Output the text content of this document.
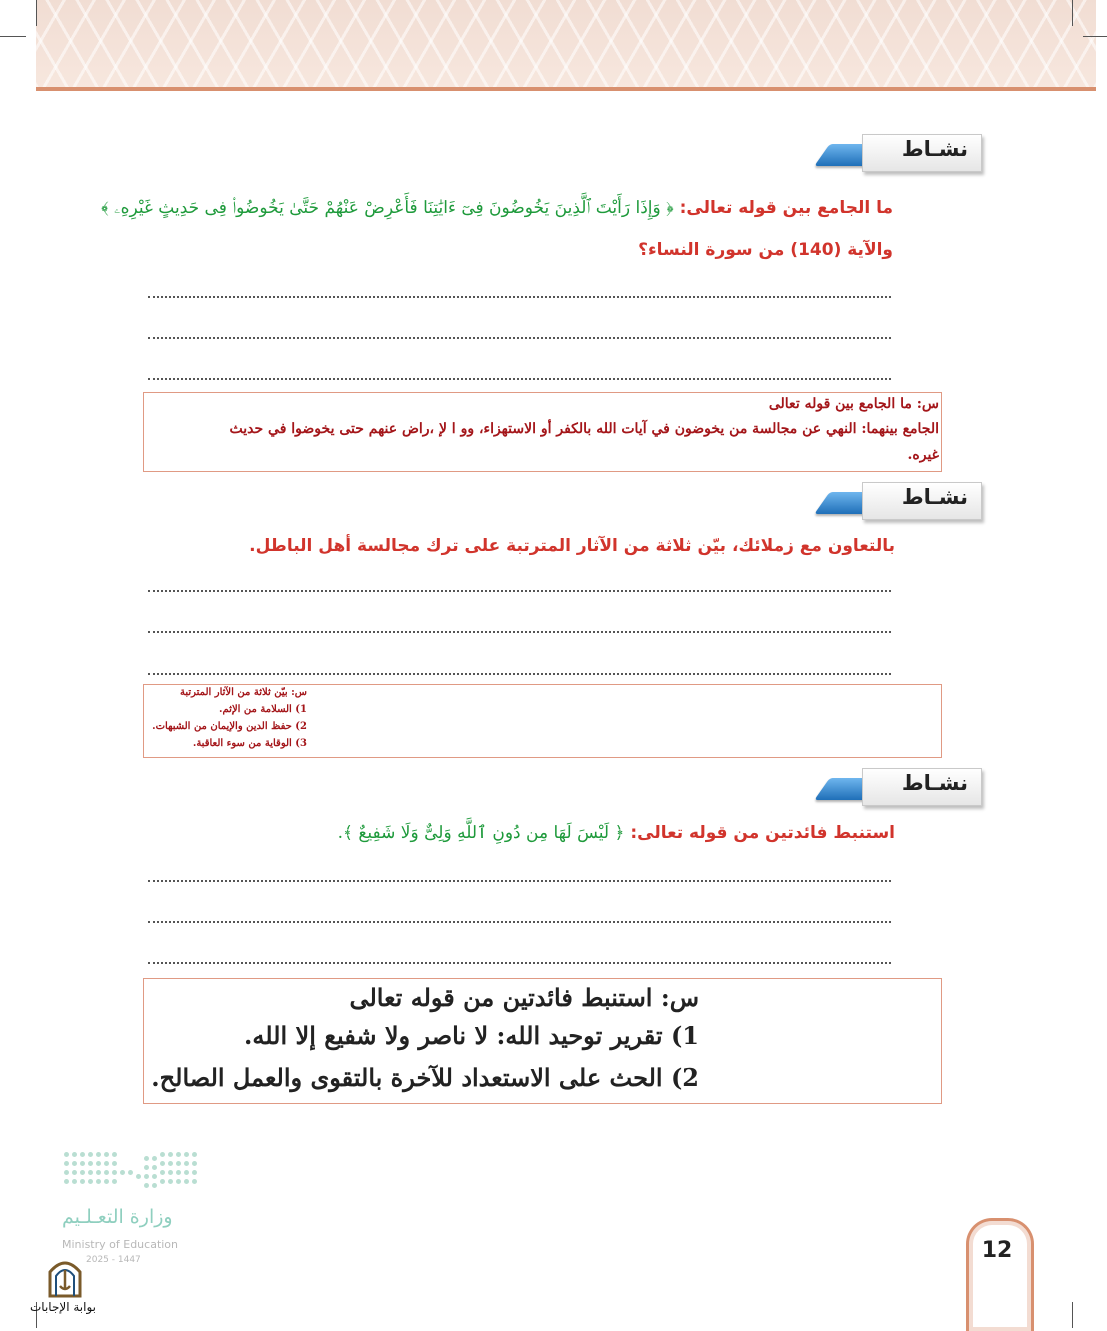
نشـاط
ما الجامع بين قوله تعالى: ﴿ وَإِذَا رَأَيْتَ ٱلَّذِينَ يَخُوضُونَ فِىٓ ءَايَٰتِنَا فَأَعْرِضْ عَنْهُمْ حَتَّىٰ يَخُوضُوا۟ فِى حَدِيثٍ غَيْرِهِۦ ﴾
والآية (140) من سورة النساء؟
س: ما الجامع بين قوله تعالى
الجامع بينهما: النهي عن مجالسة من يخوضون في آيات الله بالكفر أو الاستهزاء، وو ا لإ ،راض عنهم حتى يخوضوا في حديث
غيره.
نشـاط
بالتعاون مع زملائك، بيّن ثلاثة من الآثار المترتبة على ترك مجالسة أهل الباطل.
س: بيّن ثلاثة من الآثار المترتبة
1) السلامة من الإثم.
2) حفظ الدين والإيمان من الشبهات.
3) الوقاية من سوء العاقبة.
نشـاط
استنبط فائدتين من قوله تعالى: ﴿ لَيْسَ لَهَا مِن دُونِ ٱللَّهِ وَلِىٌّ وَلَا شَفِيعٌ ﴾.
س: استنبط فائدتين من قوله تعالى
1) تقرير توحيد الله: لا ناصر ولا شفيع إلا الله.
2) الحث على الاستعداد للآخرة بالتقوى والعمل الصالح.
وزارة التعـلـيم
Ministry of Education
2025 - 1447
بوابة الإجابات
12
